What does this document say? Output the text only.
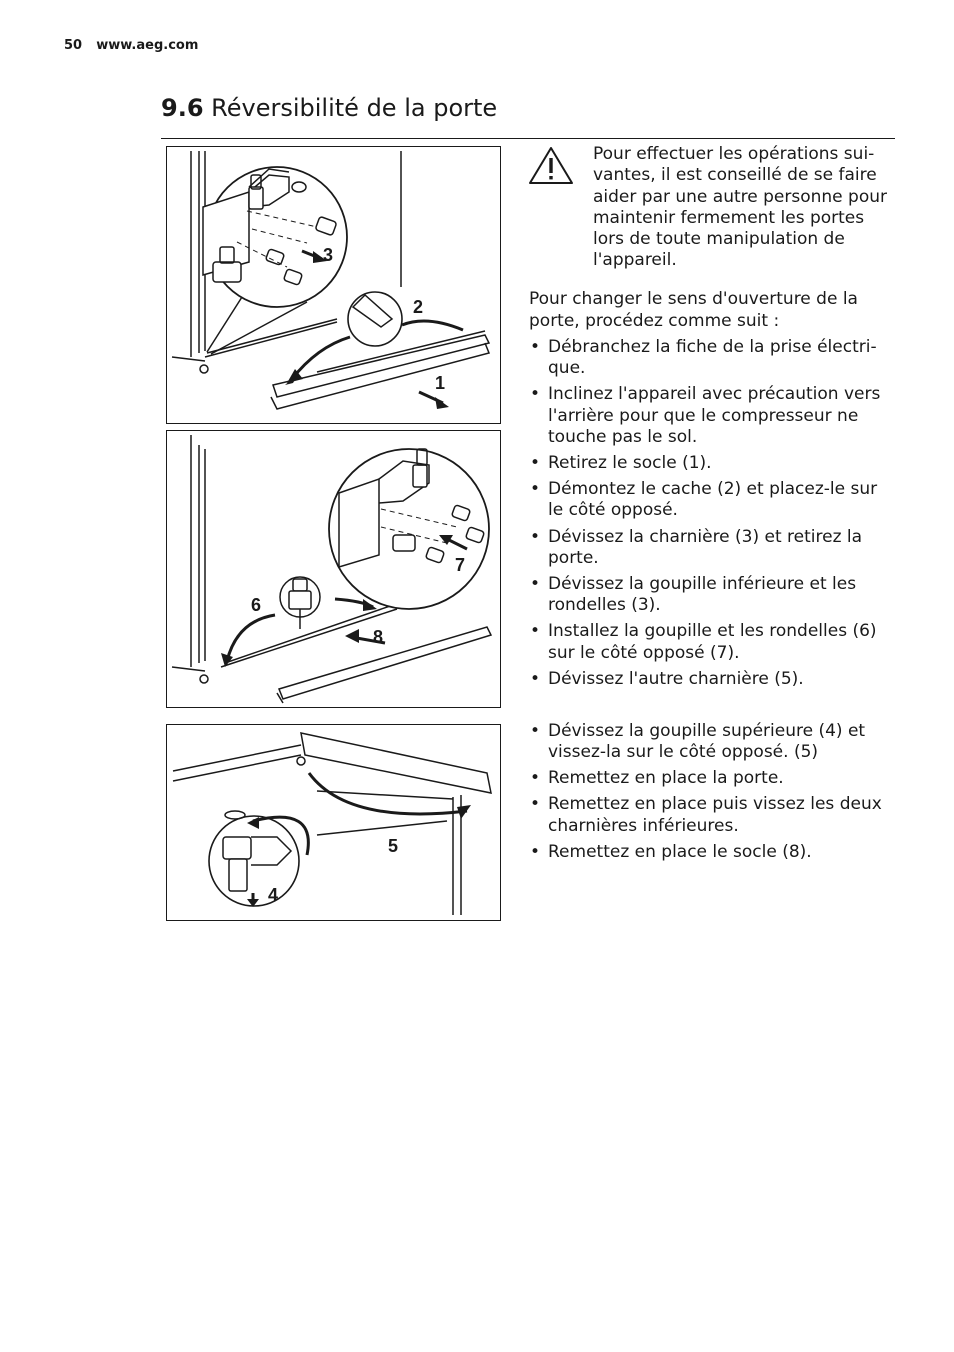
50 www.aeg.com
9.6 Réversibilité de la porte
3
2
1
6
7
8
5
4

Pour effectuer les opérations sui-vantes, il est conseillé de se faire aider par une autre personne pour maintenir fermement les portes lors de toute manipulation de l'appareil.

Pour changer le sens d'ouverture de la porte, procédez comme suit :

• Débranchez la fiche de la prise électri-que.
• Inclinez l'appareil avec précaution vers l'arrière pour que le compresseur ne touche pas le sol.
• Retirez le socle (1).
• Démontez le cache (2) et placez-le sur le côté opposé.
• Dévissez la charnière (3) et retirez la porte.
• Dévissez la goupille inférieure et les rondelles (3).
• Installez la goupille et les rondelles (6) sur le côté opposé (7).
• Dévissez l'autre charnière (5).
• Dévissez la goupille supérieure (4) et vissez-la sur le côté opposé. (5)
• Remettez en place la porte.
• Remettez en place puis vissez les deux charnières inférieures.
• Remettez en place le socle (8).
